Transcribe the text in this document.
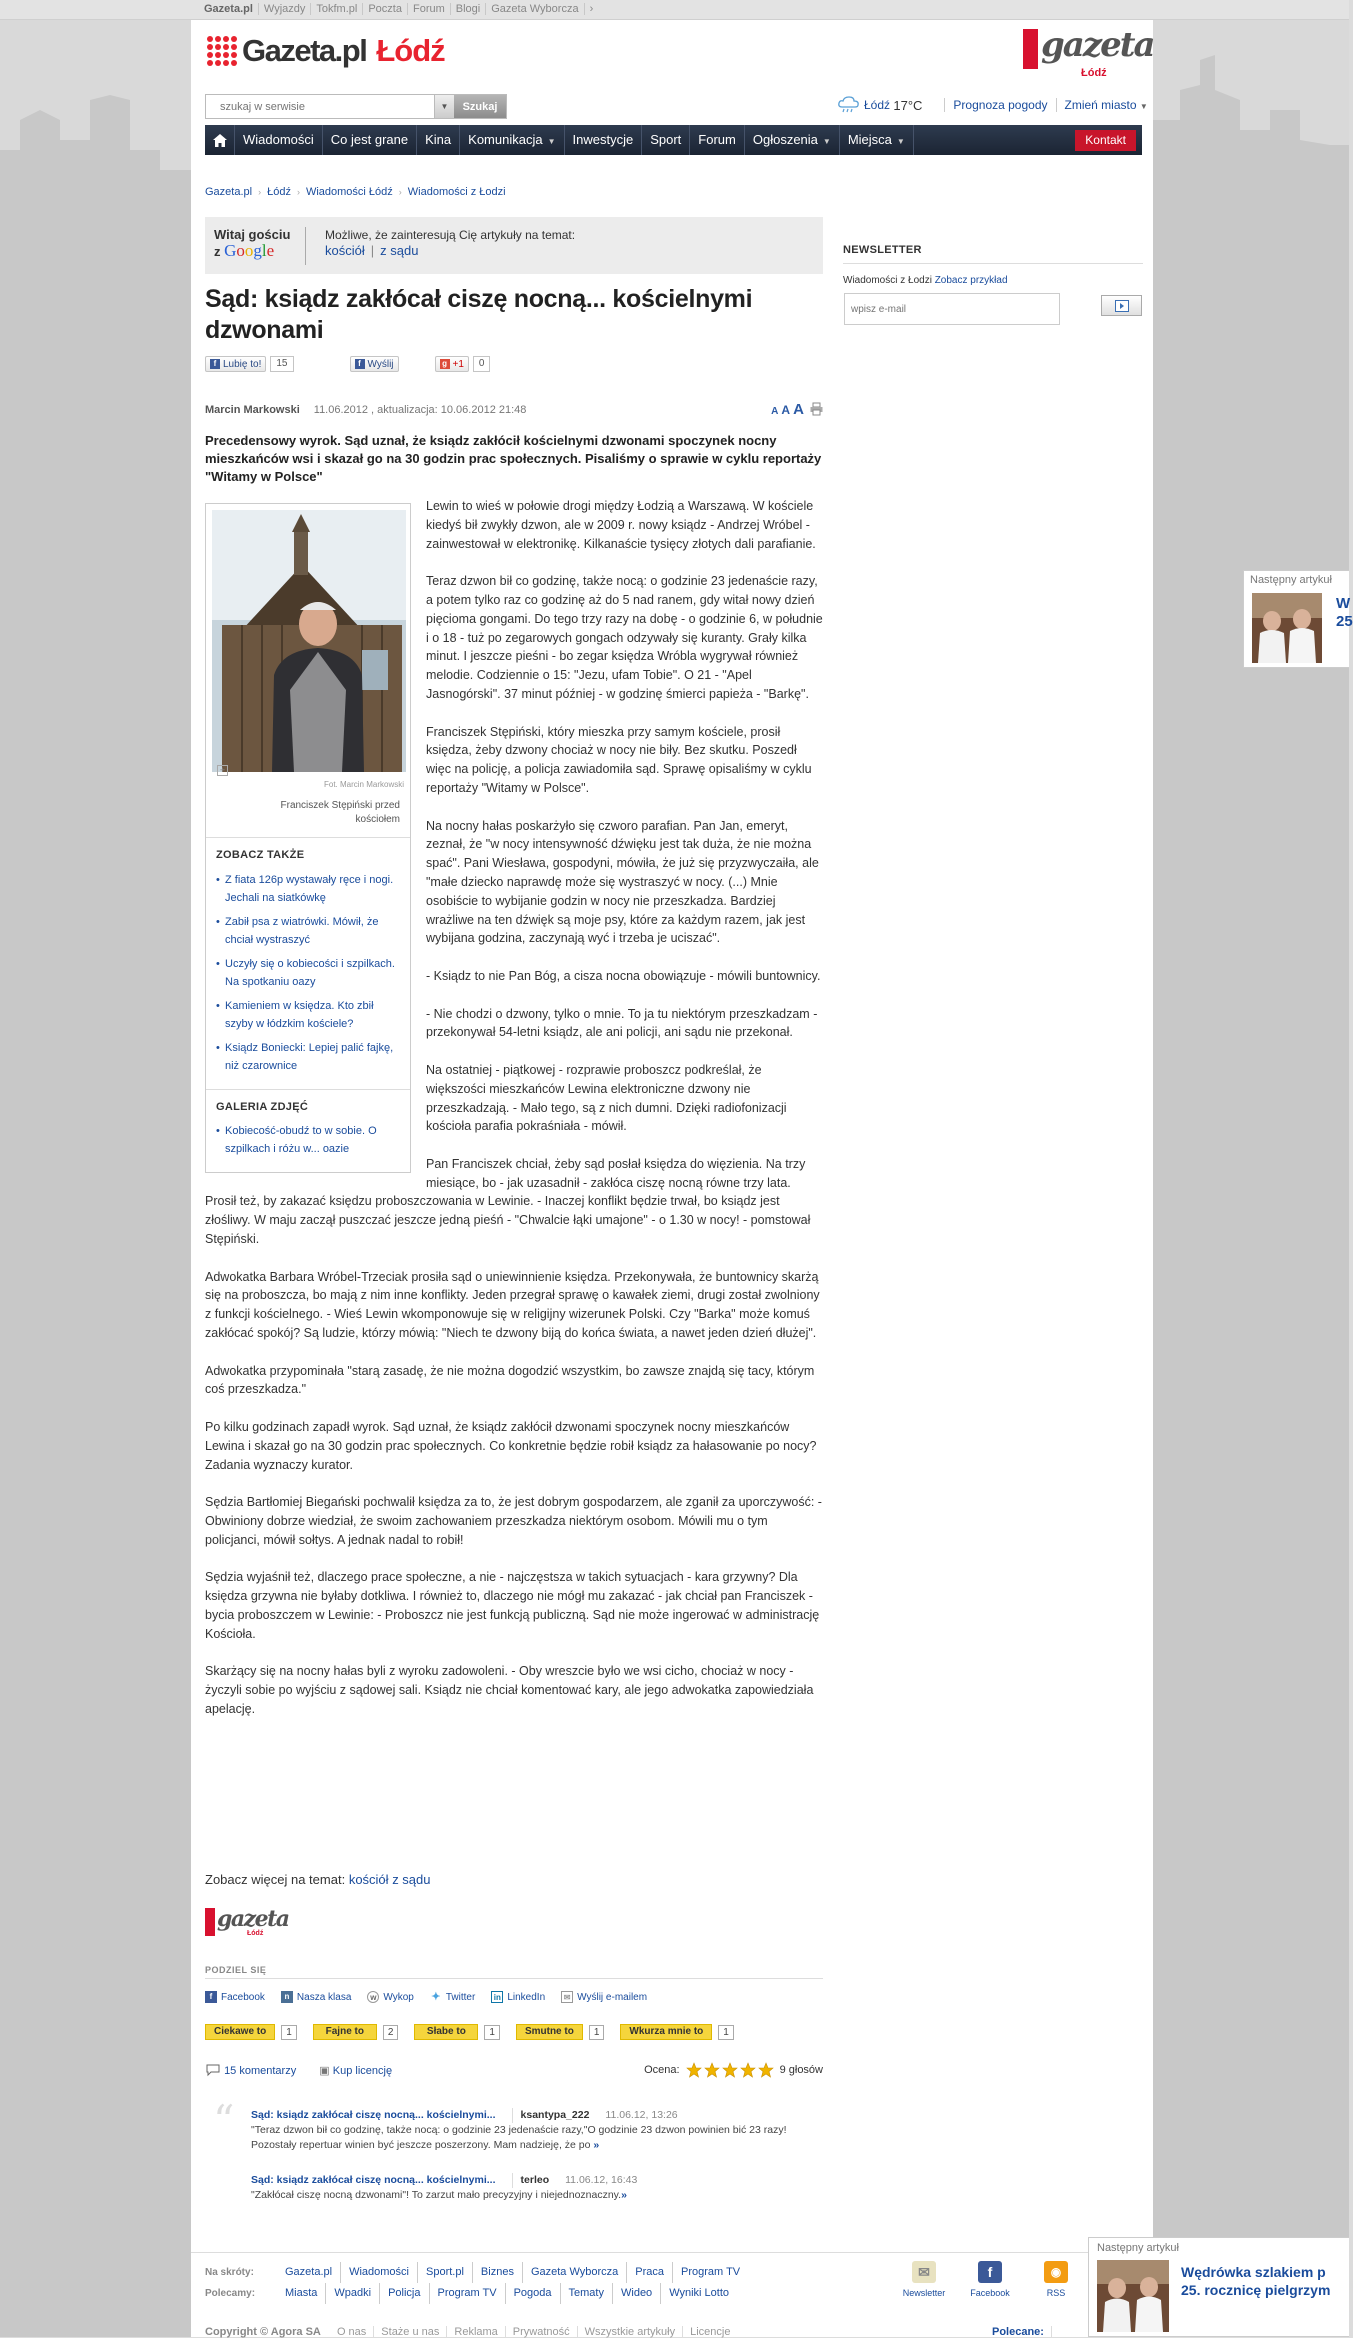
Gazeta.pl Wyjazdy Tokfm.pl Poczta Forum Blogi Gazeta Wyborcza ›
Gazeta.pl Łódź	gazeta
Łódź
szukaj w serwisie
▼	Szukaj	Łódź
17°C	Prognoza pogody Zmień miasto ▼
Wiadomości	Co jest grane	Kina	Komunikacja ▼	Inwestycje	Sport	Forum	Ogłoszenia ▼	Miejsca ▼	Kontakt
Gazeta.pl › Łódź › Wiadomości Łódź › Wiadomości z Łodzi
Witaj gościu
z Google
Możliwe, że zainteresują Cię artykuły na temat:
kościół | z sądu
Sąd: ksiądz zakłócał ciszę nocną... kościelnymi dzwonami
f Lubię to!	15	f Wyślij	g +1	0
Marcin Markowski 11.06.2012 , aktualizacja: 10.06.2012 21:48	A A A

Precedensowy wyrok. Sąd uznał, że ksiądz zakłócił kościelnymi dzwonami spoczynek nocny mieszkańców wsi i skazał go na 30 godzin prac społecznych. Pisaliśmy o sprawie w cyklu reportaży "Witamy w Polsce"

Fot. Marcin Markowski
+
Franciszek Stępiński przed kościołem
ZOBACZ TAKŻE
• Z fiata 126p wystawały ręce i nogi. Jechali na siatkówkę
• Zabił psa z wiatrówki. Mówił, że chciał wystraszyć
• Uczyły się o kobiecości i szpilkach. Na spotkaniu oazy
• Kamieniem w księdza. Kto zbił szyby w łódzkim kościele?
• Ksiądz Boniecki: Lepiej palić fajkę, niż czarownice
GALERIA ZDJĘĆ
• Kobiecość-obudź to w sobie. O szpilkach i różu w... oazie

Lewin to wieś w połowie drogi między Łodzią a Warszawą. W kościele kiedyś bił zwykły dzwon, ale w 2009 r. nowy ksiądz - Andrzej Wróbel - zainwestował w elektronikę. Kilkanaście tysięcy złotych dali parafianie.

Teraz dzwon bił co godzinę, także nocą: o godzinie 23 jedenaście razy, a potem tylko raz co godzinę aż do 5 nad ranem, gdy witał nowy dzień pięcioma gongami. Do tego trzy razy na dobę - o godzinie 6, w południe i o 18 - tuż po zegarowych gongach odzywały się kuranty. Grały kilka minut. I jeszcze pieśni - bo zegar księdza Wróbla wygrywał również melodie. Codziennie o 15: "Jezu, ufam Tobie". O 21 - "Apel Jasnogórski". 37 minut później - w godzinę śmierci papieża - "Barkę".

Franciszek Stępiński, który mieszka przy samym kościele, prosił księdza, żeby dzwony chociaż w nocy nie biły. Bez skutku. Poszedł więc na policję, a policja zawiadomiła sąd. Sprawę opisaliśmy w cyklu reportaży "Witamy w Polsce".

Na nocny hałas poskarżyło się czworo parafian. Pan Jan, emeryt, zeznał, że "w nocy intensywność dźwięku jest tak duża, że nie można spać". Pani Wiesława, gospodyni, mówiła, że już się przyzwyczaiła, ale "małe dziecko naprawdę może się wystraszyć w nocy. (...) Mnie osobiście to wybijanie godzin w nocy nie przeszkadza. Bardziej wrażliwe na ten dźwięk są moje psy, które za każdym razem, jak jest wybijana godzina, zaczynają wyć i trzeba je uciszać".

- Ksiądz to nie Pan Bóg, a cisza nocna obowiązuje - mówili buntownicy.

- Nie chodzi o dzwony, tylko o mnie. To ja tu niektórym przeszkadzam - przekonywał 54-letni ksiądz, ale ani policji, ani sądu nie przekonał.

Na ostatniej - piątkowej - rozprawie proboszcz podkreślał, że większości mieszkańców Lewina elektroniczne dzwony nie przeszkadzają. - Mało tego, są z nich dumni. Dzięki radiofonizacji kościoła parafia pokraśniała - mówił.

Pan Franciszek chciał, żeby sąd posłał księdza do więzienia. Na trzy miesiące, bo - jak uzasadnił - zakłóca ciszę nocną równe trzy lata. Prosił też, by zakazać księdzu proboszczowania w Lewinie. - Inaczej konflikt będzie trwał, bo ksiądz jest złośliwy. W maju zaczął puszczać jeszcze jedną pieśń - "Chwalcie łąki umajone" - o 1.30 w nocy! - pomstował Stępiński.

Adwokatka Barbara Wróbel-Trzeciak prosiła sąd o uniewinnienie księdza. Przekonywała, że buntownicy skarżą się na proboszcza, bo mają z nim inne konflikty. Jeden przegrał sprawę o kawałek ziemi, drugi został zwolniony z funkcji kościelnego. - Wieś Lewin wkomponowuje się w religijny wizerunek Polski. Czy "Barka" może komuś zakłócać spokój? Są ludzie, którzy mówią: "Niech te dzwony biją do końca świata, a nawet jeden dzień dłużej".

Adwokatka przypominała "starą zasadę, że nie można dogodzić wszystkim, bo zawsze znajdą się tacy, którym coś przeszkadza."

Po kilku godzinach zapadł wyrok. Sąd uznał, że ksiądz zakłócił dzwonami spoczynek nocny mieszkańców Lewina i skazał go na 30 godzin prac społecznych. Co konkretnie będzie robił ksiądz za hałasowanie po nocy? Zadania wyznaczy kurator.

Sędzia Bartłomiej Biegański pochwalił księdza za to, że jest dobrym gospodarzem, ale zganił za uporczywość: - Obwiniony dobrze wiedział, że swoim zachowaniem przeszkadza niektórym osobom. Mówili mu o tym policjanci, mówił sołtys. A jednak nadal to robił!

Sędzia wyjaśnił też, dlaczego prace społeczne, a nie - najczęstsza w takich sytuacjach - kara grzywny? Dla księdza grzywna nie byłaby dotkliwa. I również to, dlaczego nie mógł mu zakazać - jak chciał pan Franciszek - bycia proboszczem w Lewinie: - Proboszcz nie jest funkcją publiczną. Sąd nie może ingerować w administrację Kościoła.

Skarżący się na nocny hałas byli z wyroku zadowoleni. - Oby wreszcie było we wsi cicho, chociaż w nocy - życzyli sobie po wyjściu z sądowej sali. Ksiądz nie chciał komentować kary, ale jego adwokatka zapowiedziała apelację.

Zobacz więcej na temat: kościół z sądu
gazeta
Łódź
PODZIEL SIĘ
f Facebook	n Nasza klasa	w Wykop ✦ Twitter	in LinkedIn	✉ Wyślij e-mailem
Ciekawe to	1	Fajne to	2	Słabe to	1	Smutne to	1	Wkurza mnie to	1
15 komentarzy ▣ Kup licencję	Ocena:	9 głosów
“ Sąd: ksiądz zakłócał ciszę nocną... kościelnymi...	ksantypa_222 11.06.12, 13:26
"Teraz dzwon bił co godzinę, także nocą: o godzinie 23 jedenaście razy,"O godzinie 23 dzwon powinien bić 23 razy! Pozostały repertuar winien być jeszcze poszerzony. Mam nadzieję, że po »
Sąd: ksiądz zakłócał ciszę nocną... kościelnymi...	terleo 11.06.12, 16:43
"Zakłócał ciszę nocną dzwonami"! To zarzut mało precyzyjny i niejednoznaczny.»
NEWSLETTER
Wiadomości z Łodzi Zobacz przykład
wpisz e-mail
Na skróty:	Gazeta.pl	Wiadomości	Sport.pl	Biznes	Gazeta Wyborcza	Praca	Program TV
Polecamy:	Miasta	Wpadki	Policja	Program TV	Pogoda	Tematy	Wideo	Wyniki Lotto
✉
Newsletter
f
Facebook
◉
RSS
Copyright © Agora SA O nas Staże u nas Reklama Prywatność Wszystkie artykuły Licencje	Polecane:
Następny artykuł
W
25
Następny artykuł
Wędrówka szlakiem p
25. rocznicę pielgrzym
